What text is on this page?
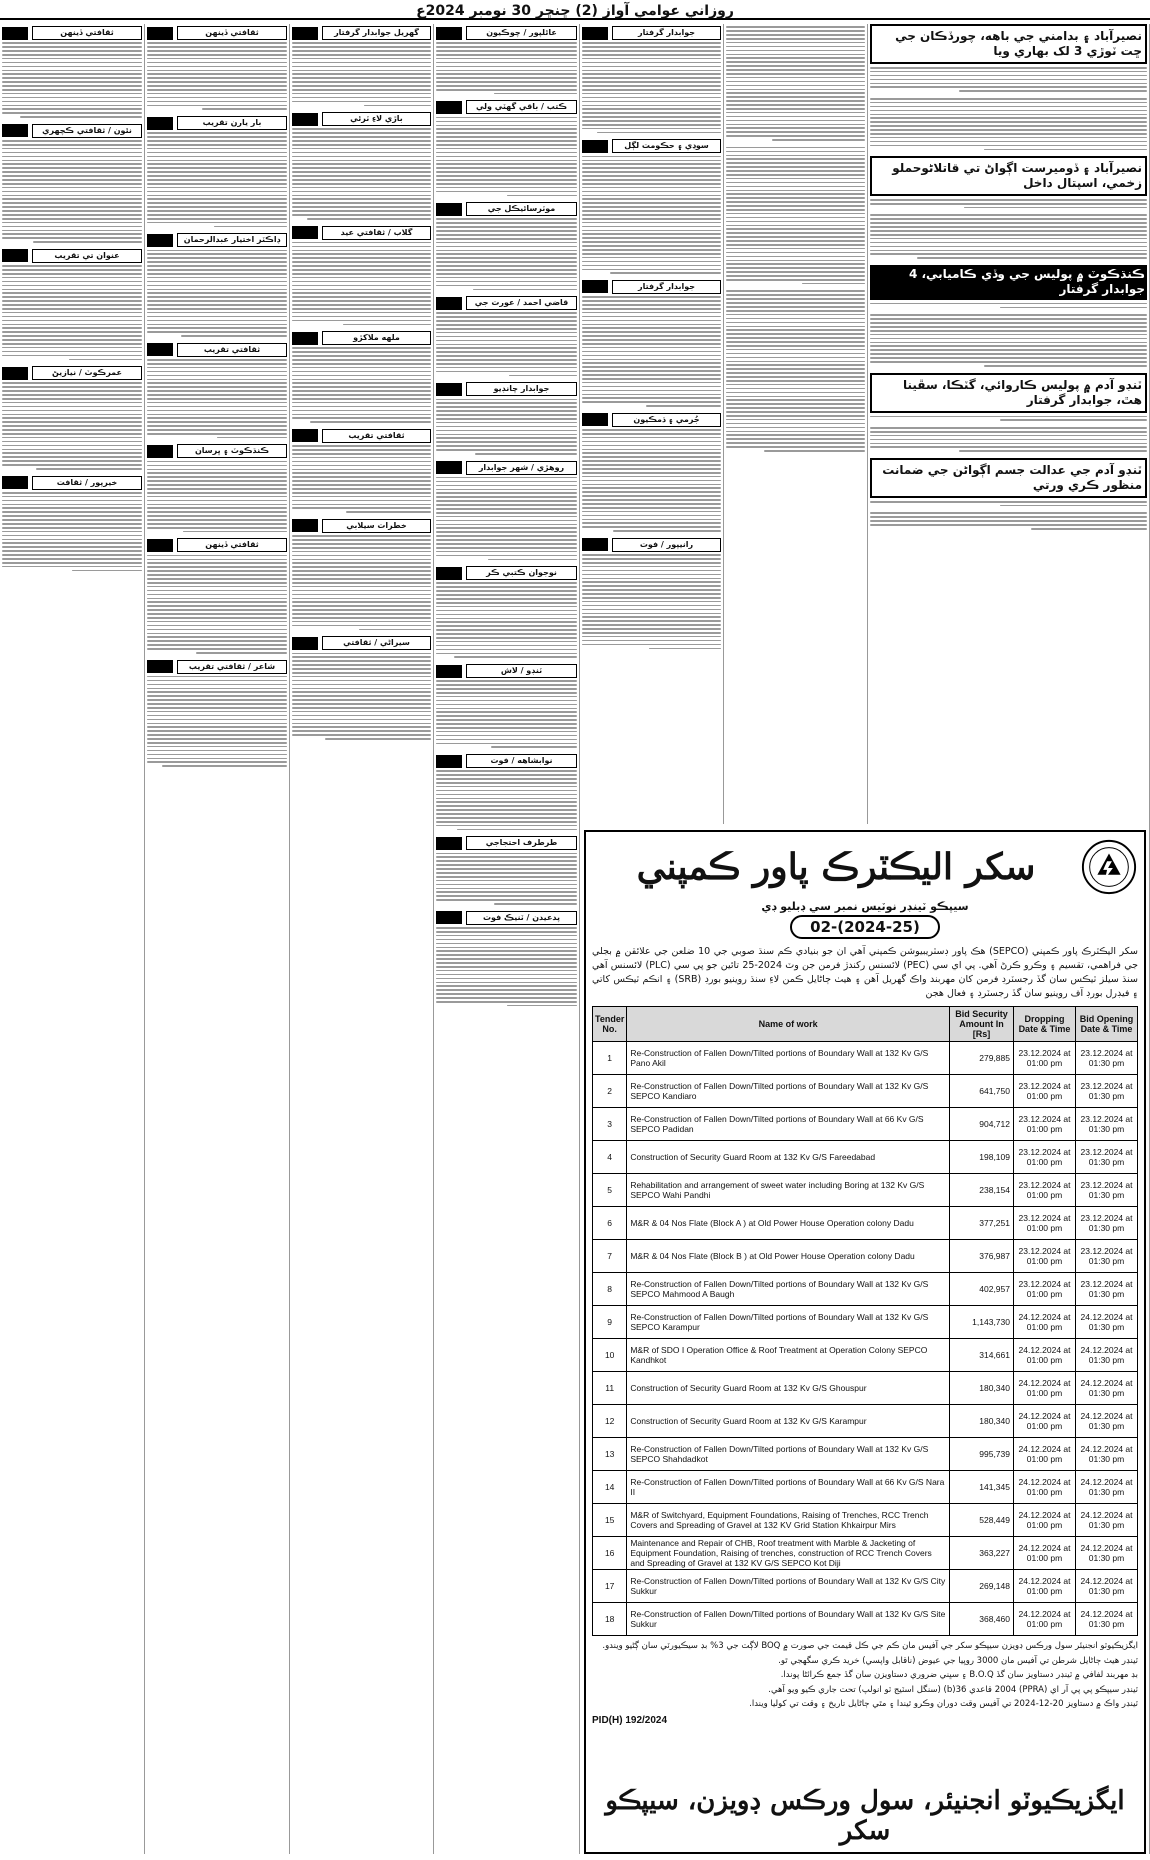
روزاني عوامي آواز (2) ڇنڇر 30 نومبر 2024ع
نصيرآباد ۽ بدامني جي باهه، چورڏڪان جي ڇت ٽوڙي 3 لک بهاري ويا
نصيرآباد ۽ ڏوميرست اڳواڻ تي قاتلاڻوحملو زخمي، اسپتال داخل
ڪنڌڪوٽ ۾ پوليس جي وڏي ڪاميابي، 4 جوابدار گرفتار
ٽنڊو آدم ۾ پوليس ڪاروائي، گٽڪا، سڦينا هٿ، جوابدار گرفتار
ٽنڊو آدم جي عدالت جسم اڳواڻن جي ضمانت منظور ڪري ورتي
جوابدار گرفتار
سوڍي ۽ حڪومت لڳل
جوابدار گرفتار
جُرمي ۽ ڌمڪيون
رانيپور / فوت
عائلپور / چوڪيون
ڪتب / باقي گهٽي ولي
موٽرسائيڪل جي
قاضي احمد / عورت جي
جوابدار چانڊيو
روهڙي / شهر جوابدار
نوجوان ڪتبي ڪر
ٽنڊو / لاش
نوابشاهه / فوت
طرطرف احتجاجي
پدعيدن / ٽنيڪ فوت
گهريل جوابدار گرفتار
باڙي لاءِ ٽرئي
گلاب / ثقافتي عيد
ملهه ملاکڙو
ثقافتي تقريب
خطرات سيلابي
سيراڻي / ثقافتي
ثقافتي ڏينهن
بار يارن تقريب
ڊاڪٽر اختيار عبدالرحمان
ثقافتي تقريب
ڪنڌڪوٽ ۽ ڀرسان
ثقافتي ڏينهن
شاعر / ثقافتي تقريب
ثقافتي ڏينهن
نئون / ثقافتي ڪچهري
عنوان تي تقريب
عمرڪوٽ / نيازيڻ
خيرپور / ثقافت
سکر اليڪٽرڪ پاور ڪمپني
سيپڪو ٽينڊر نوٽيس نمبر سي ڊبليو ڊي
02-(2024-25)
سکر اليڪٽرڪ پاور ڪمپني (SEPCO) هڪ پاور ڊسٽريبيوشن ڪمپني آهي ان جو بنيادي ڪم سنڌ صوبي جي 10 ضلعن جي علائقن ۾ بجلي جي فراهمي، تقسيم ۽ وڪرو ڪرڻ آهي. پي اي سي (PEC) لائسنس رکندڙ فرمن جن وٽ 2024-25 تائين جو پي سي (PLC) لائسنس آهي سنڌ سيلز ٽيڪس سان گڏ رجسٽرڊ فرمن کان مهربند واڪ گهريل آهن ۽ هيٺ ڄاڻايل ڪمن لاءِ سنڌ روينيو بورڊ (SRB) ۽ انڪم ٽيڪس کاتي ۽ فيڊرل بورڊ آف روينيو سان گڏ رجسٽرڊ ۽ فعال هجن
Tender No.	Name of work	Bid Security Amount In [Rs]	Dropping Date & Time	Bid Opening Date & Time
1	Re-Construction of Fallen Down/Tilted portions of Boundary Wall at 132 Kv G/S Pano Akil	279,885	23.12.2024 at 01:00 pm	23.12.2024 at 01:30 pm
2	Re-Construction of Fallen Down/Tilted portions of Boundary Wall at 132 Kv G/S SEPCO Kandiaro	641,750	23.12.2024 at 01:00 pm	23.12.2024 at 01:30 pm
3	Re-Construction of Fallen Down/Tilted portions of Boundary Wall at 66 Kv G/S SEPCO Padidan	904,712	23.12.2024 at 01:00 pm	23.12.2024 at 01:30 pm
4	Construction of Security Guard Room at 132 Kv G/S Fareedabad	198,109	23.12.2024 at 01:00 pm	23.12.2024 at 01:30 pm
5	Rehabilitation and arrangement of sweet water including Boring at 132 Kv G/S SEPCO Wahi Pandhi	238,154	23.12.2024 at 01:00 pm	23.12.2024 at 01:30 pm
6	M&R & 04 Nos Flate (Block A ) at Old Power House Operation colony Dadu	377,251	23.12.2024 at 01:00 pm	23.12.2024 at 01:30 pm
7	M&R & 04 Nos Flate (Block B ) at Old Power House Operation colony Dadu	376,987	23.12.2024 at 01:00 pm	23.12.2024 at 01:30 pm
8	Re-Construction of Fallen Down/Tilted portions of Boundary Wall at 132 Kv G/S SEPCO Mahmood A Baugh	402,957	23.12.2024 at 01:00 pm	23.12.2024 at 01:30 pm
9	Re-Construction of Fallen Down/Tilted portions of Boundary Wall at 132 Kv G/S SEPCO Karampur	1,143,730	24.12.2024 at 01:00 pm	24.12.2024 at 01:30 pm
10	M&R of SDO I Operation Office & Roof Treatment at Operation Colony SEPCO Kandhkot	314,661	24.12.2024 at 01:00 pm	24.12.2024 at 01:30 pm
11	Construction of Security Guard Room at 132 Kv G/S Ghouspur	180,340	24.12.2024 at 01:00 pm	24.12.2024 at 01:30 pm
12	Construction of Security Guard Room at 132 Kv G/S Karampur	180,340	24.12.2024 at 01:00 pm	24.12.2024 at 01:30 pm
13	Re-Construction of Fallen Down/Tilted portions of Boundary Wall at 132 Kv G/S SEPCO Shahdadkot	995,739	24.12.2024 at 01:00 pm	24.12.2024 at 01:30 pm
14	Re-Construction of Fallen Down/Tilted portions of Boundary Wall at 66 Kv G/S Nara II	141,345	24.12.2024 at 01:00 pm	24.12.2024 at 01:30 pm
15	M&R of Switchyard, Equipment Foundations, Raising of Trenches, RCC Trench Covers and Spreading of Gravel at 132 KV Grid Station Khkairpur Mirs	528,449	24.12.2024 at 01:00 pm	24.12.2024 at 01:30 pm
16	Maintenance and Repair of CHB, Roof treatment with Marble & Jacketing of Equipment Foundation, Raising of trenches, construction of RCC Trench Covers and Spreading of Gravel at 132 KV G/S SEPCO Kot Diji	363,227	24.12.2024 at 01:00 pm	24.12.2024 at 01:30 pm
17	Re-Construction of Fallen Down/Tilted portions of Boundary Wall at 132 Kv G/S City Sukkur	269,148	24.12.2024 at 01:00 pm	24.12.2024 at 01:30 pm
18	Re-Construction of Fallen Down/Tilted portions of Boundary Wall at 132 Kv G/S Site Sukkur	368,460	24.12.2024 at 01:00 pm	24.12.2024 at 01:30 pm

ايگزيڪيوٽو انجنيئر سول ورڪس ڊويزن سيپڪو سکر جي آفيس مان ڪم جي ڪل قيمت جي صورت ۾ BOQ لاڳت جي 3% بڊ سيڪيورٽي سان ڳڻيو ويندو.

ٽينڊر هيٺ ڄاڻايل شرطن تي آفيس مان 3000 روپيا جي عيوض (ناقابل واپسي) خريد ڪري سگهجي ٿو.

بڊ مهربند لفافي ۾ ٽينڊر دستاويز سان گڏ B.O.Q ۽ سڀني ضروري دستاويزن سان گڏ جمع ڪرائڻا پوندا.

ٽينڊر سيپڪو پي پي آر اي (PPRA) 2004 قاعدي 36(b) (سنگل اسٽيج ٽو انولپ) تحت جاري ڪيو ويو آهي.

ٽينڊر واڪ ۾ دستاويز 20-12-2024 تي آفيس وقت دوران وڪرو ٿيندا ۽ مٿي ڄاڻايل تاريخ ۽ وقت تي کوليا ويندا.

PID(H) 192/2024
ايگزيڪيوٽو انجنيئر، سول ورڪس ڊويزن، سيپڪو سکر
